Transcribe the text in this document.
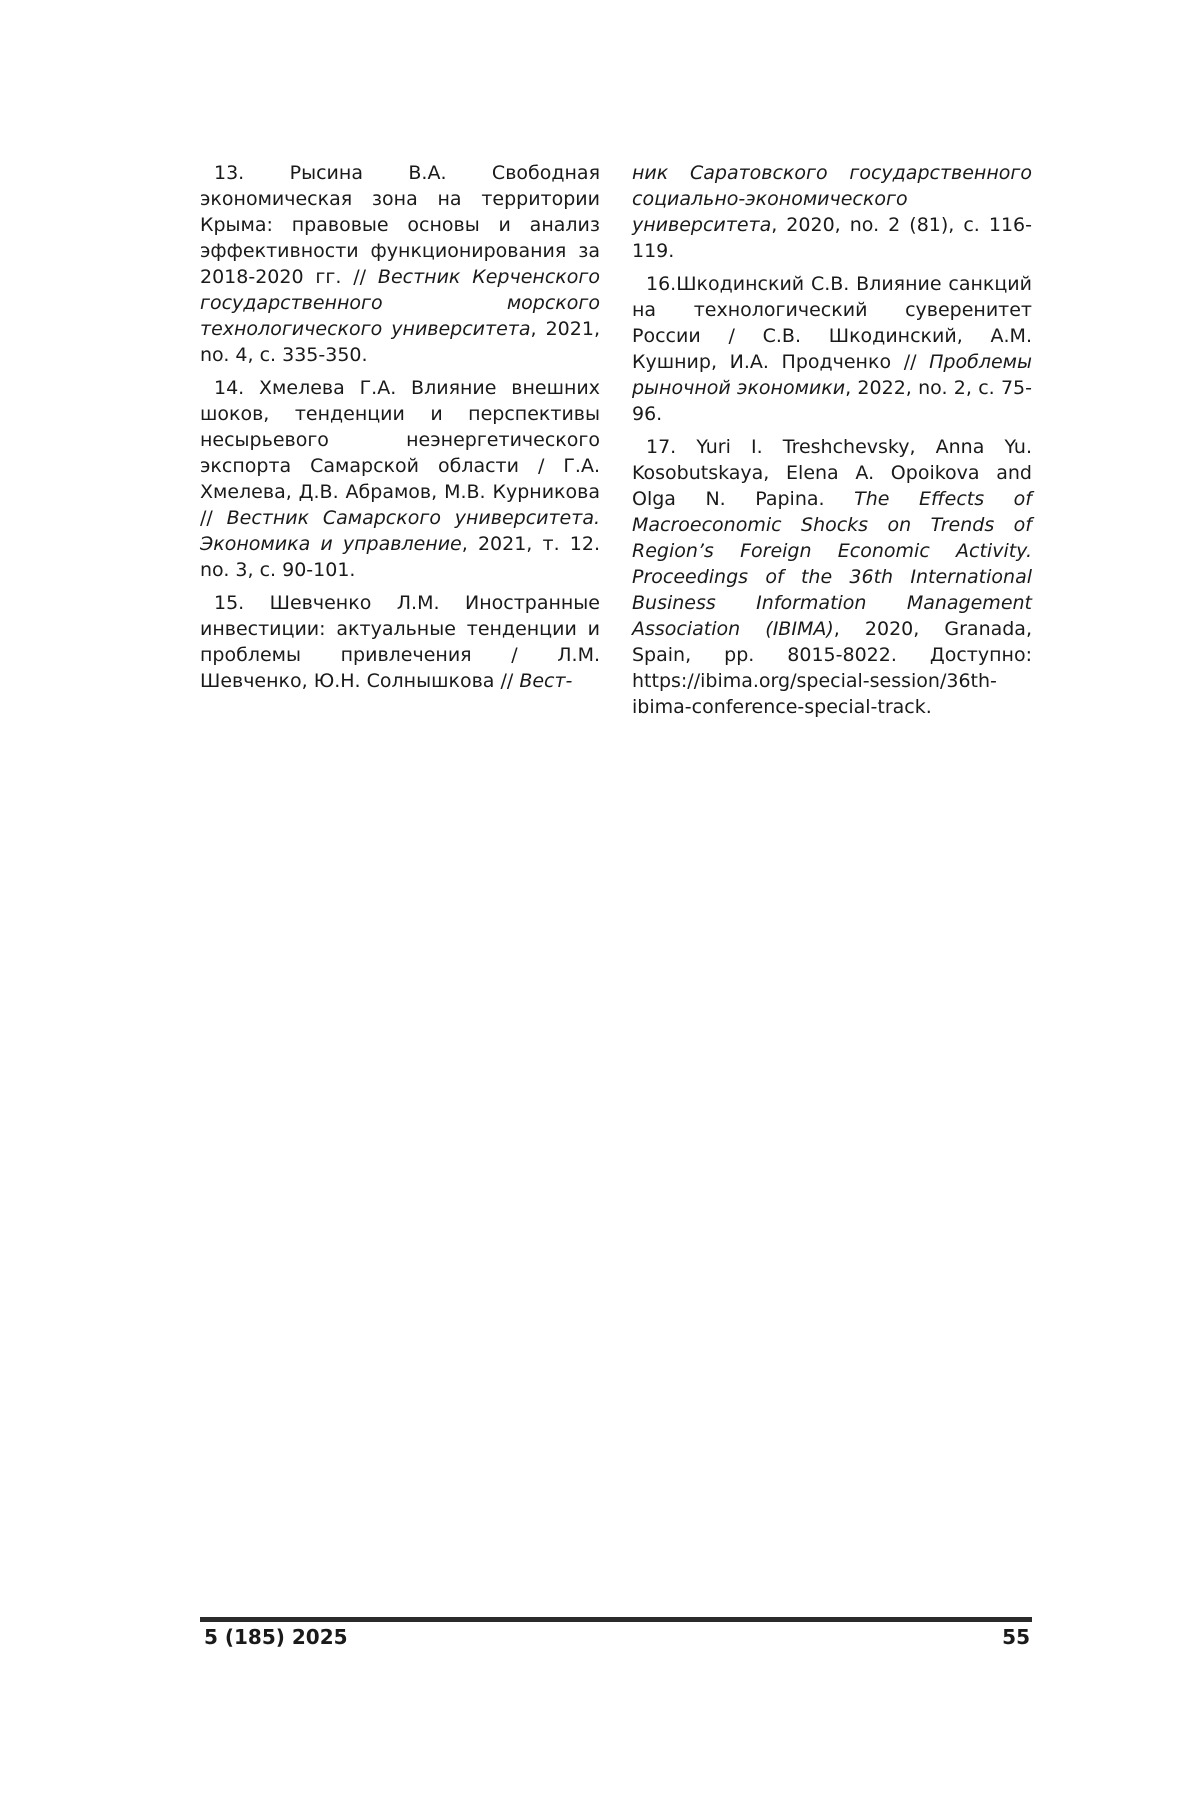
13. Рысина В.А. Свободная экономическая зона на территории Крыма: правовые основы и анализ эффективности функционирования за 2018-2020 гг. // Вестник Керченского государственного морского технологического университета, 2021, no. 4, с. 335-350.

14. Хмелева Г.А. Влияние внешних шоков, тенденции и перспективы несырьевого неэнергетического экспорта Самарской области / Г.А. Хмелева, Д.В. Абрамов, М.В. Курникова // Вестник Самарского университета. Экономика и управление, 2021, т. 12. no. 3, с. 90-101.

15. Шевченко Л.М. Иностранные инвестиции: актуальные тенденции и проблемы привлечения / Л.М. Шевченко, Ю.Н. Солнышкова // Вест-

ник Саратовского государственного социально-экономического университета, 2020, no. 2 (81), с. 116-119.

16.Шкодинский С.В. Влияние санкций на технологический суверенитет России / С.В. Шкодинский, А.М. Кушнир, И.А. Продченко // Проблемы рыночной экономики, 2022, no. 2, с. 75-96.

17. Yuri I. Treshchevsky, Anna Yu. Kosobutskaya, Elena A. Opoikova and Olga N. Papina. The Effects of Macroeconomic Shocks on Trends of Region’s Foreign Economic Activity. Proceedings of the 36th International Business Information Management Association (IBIMA), 2020, Granada, Spain, pp. 8015-8022. Доступно: https://ibima.org/special-session/36th-ibima-conference-special-track.

5 (185) 2025	55
